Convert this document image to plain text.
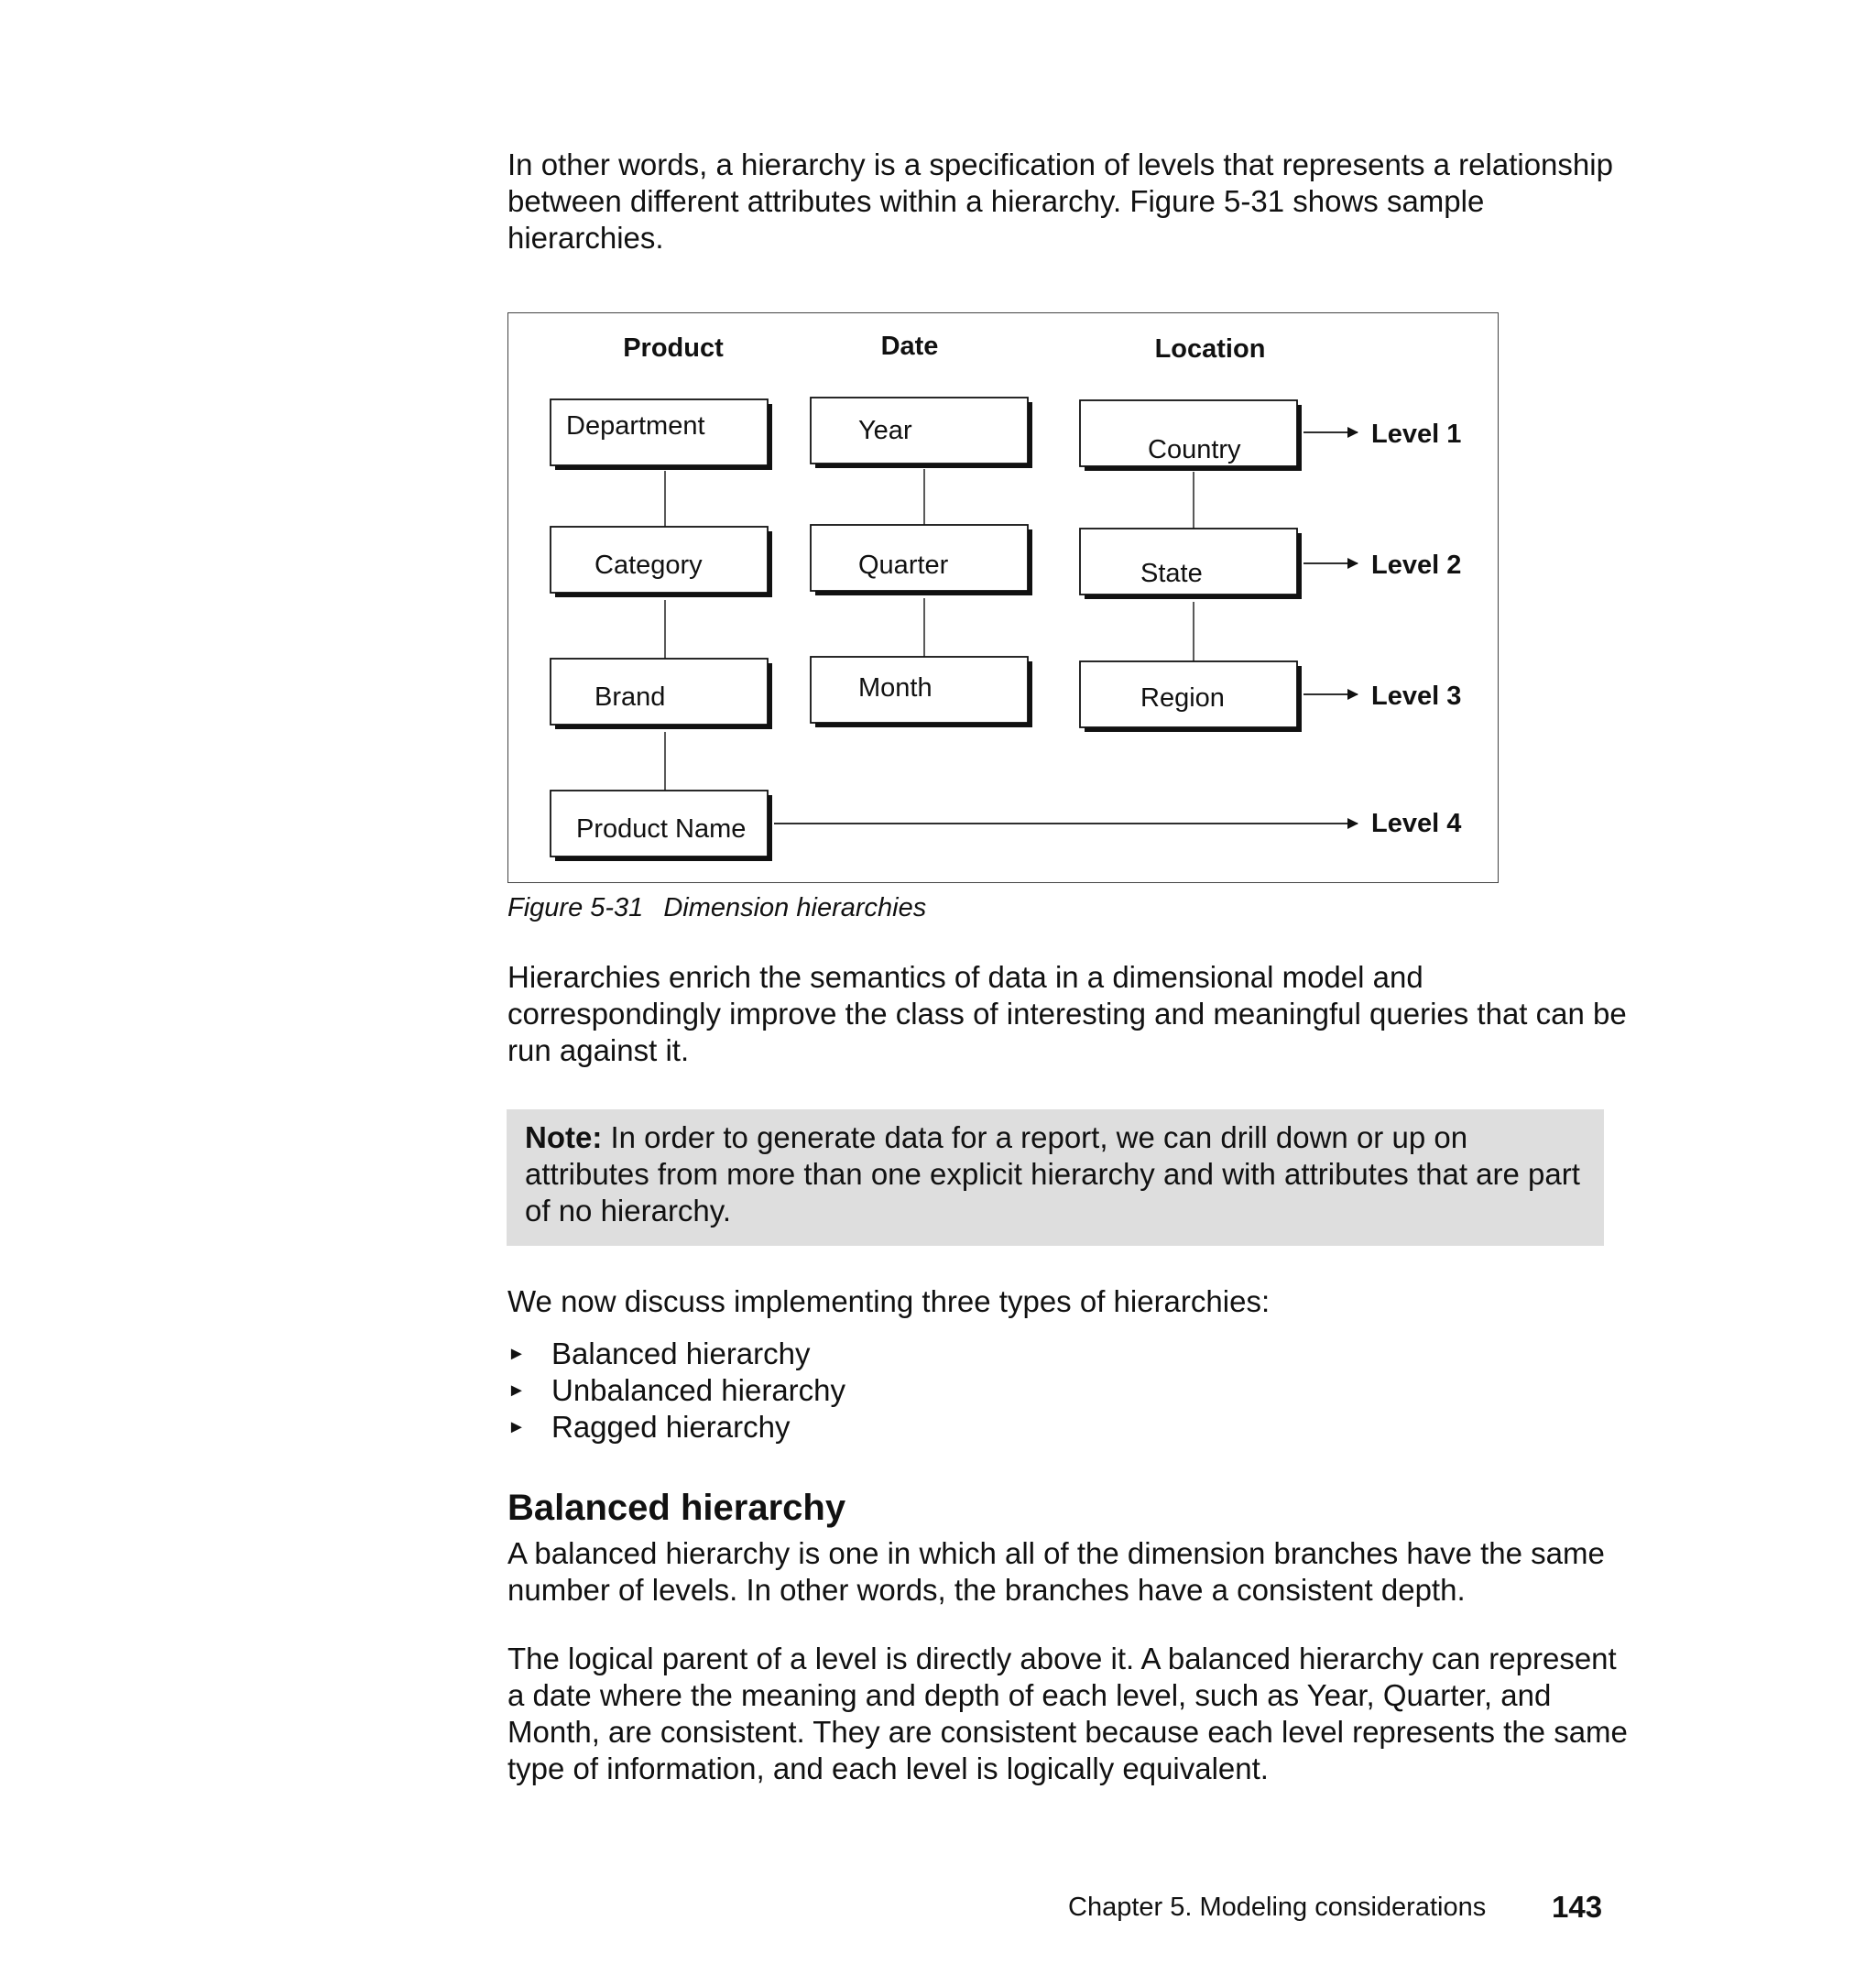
In other words, a hierarchy is a specification of levels that represents a relationship between different attributes within a hierarchy. Figure 5-31 shows sample hierarchies.

Product	Date	Location
Department
Category
Brand
Product Name
Year
Quarter
Month
Country
State
Region
Level 1
Level 2
Level 3
Level 4
Figure 5-31 Dimension hierarchies

Hierarchies enrich the semantics of data in a dimensional model and correspondingly improve the class of interesting and meaningful queries that can be run against it.

Note: In order to generate data for a report, we can drill down or up on attributes from more than one explicit hierarchy and with attributes that are part of no hierarchy.

We now discuss implementing three types of hierarchies:

► Balanced hierarchy
► Unbalanced hierarchy
► Ragged hierarchy
Balanced hierarchy

A balanced hierarchy is one in which all of the dimension branches have the same number of levels. In other words, the branches have a consistent depth.

The logical parent of a level is directly above it. A balanced hierarchy can represent a date where the meaning and depth of each level, such as Year, Quarter, and Month, are consistent. They are consistent because each level represents the same type of information, and each level is logically equivalent.

Chapter 5. Modeling considerations 143
